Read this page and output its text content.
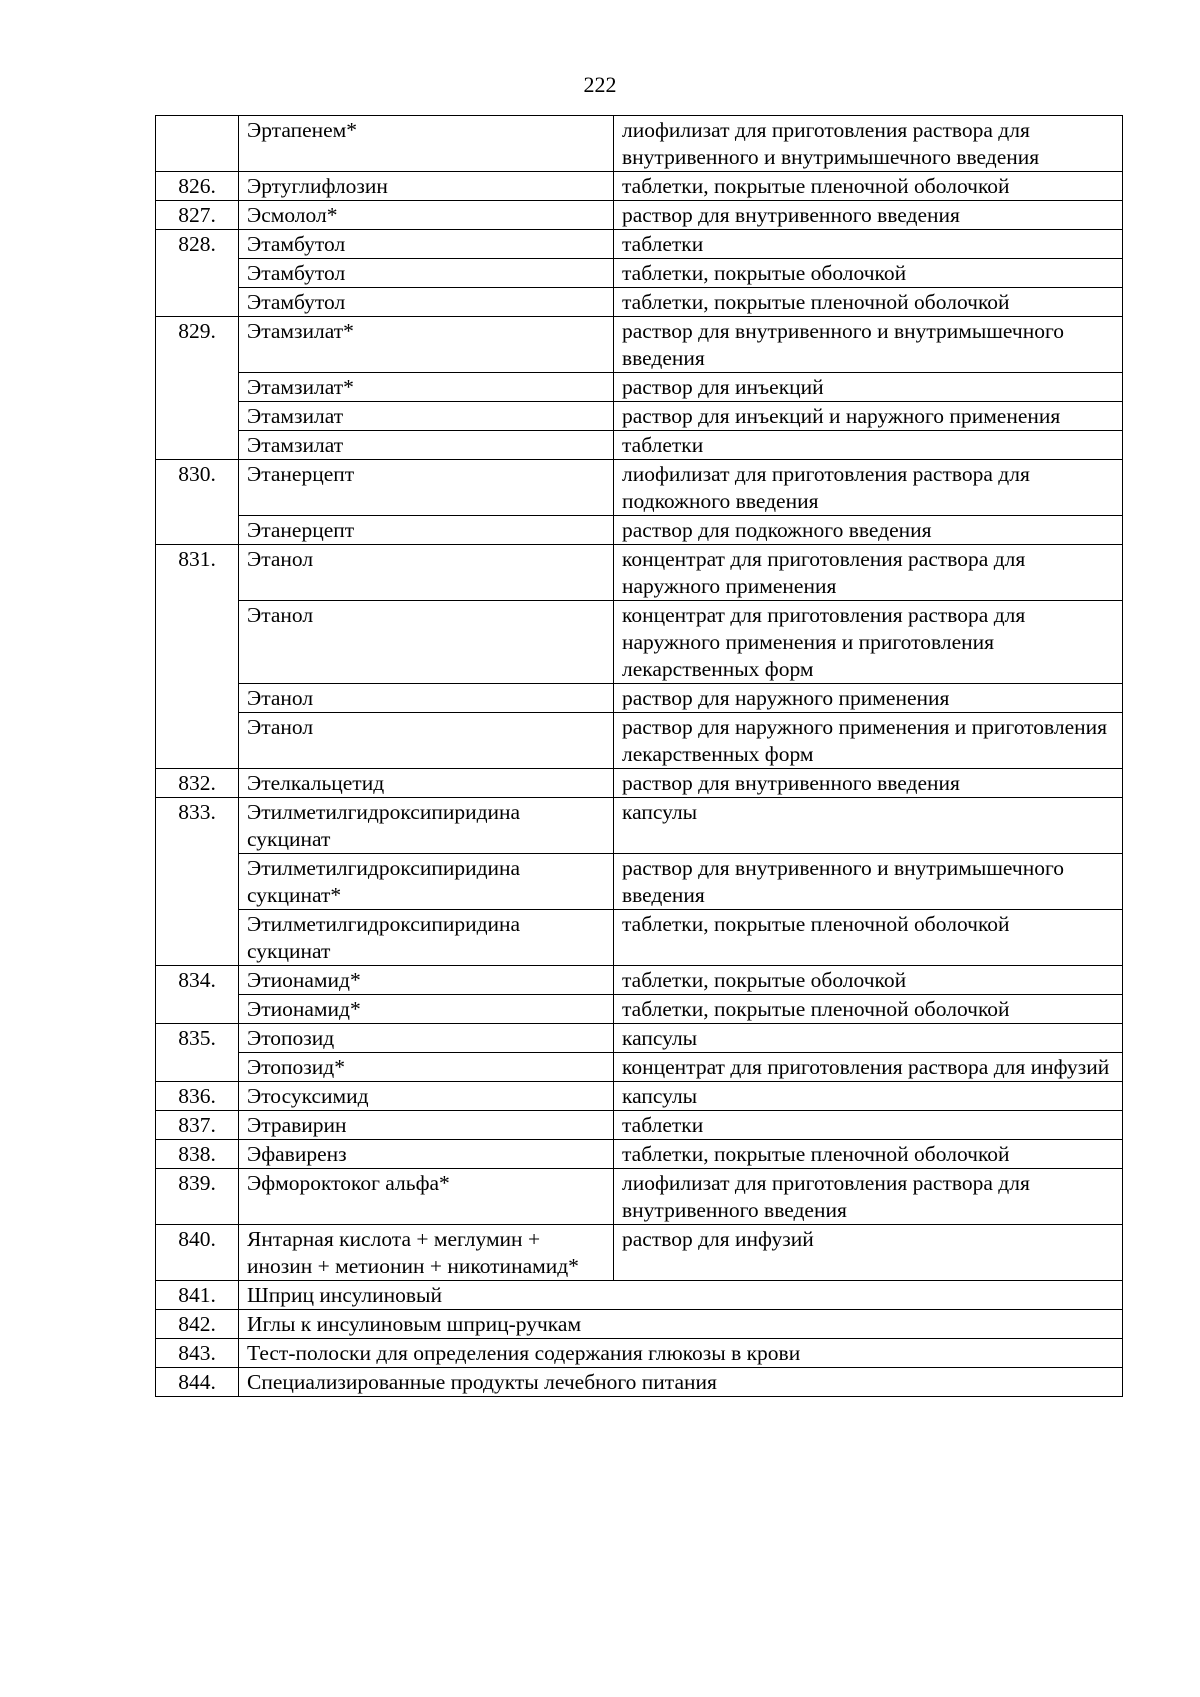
222
	Эртапенем*	лиофилизат для приготовления раствора для внутривенного и внутримышечного введения
826.	Эртуглифлозин	таблетки, покрытые пленочной оболочкой
827.	Эсмолол*	раствор для внутривенного введения
828.	Этамбутол	таблетки
	Этамбутол	таблетки, покрытые оболочкой
	Этамбутол	таблетки, покрытые пленочной оболочкой
829.	Этамзилат*	раствор для внутривенного и внутримышечного введения
	Этамзилат*	раствор для инъекций
	Этамзилат	раствор для инъекций и наружного применения
	Этамзилат	таблетки
830.	Этанерцепт	лиофилизат для приготовления раствора для подкожного введения
	Этанерцепт	раствор для подкожного введения
831.	Этанол	концентрат для приготовления раствора для наружного применения
	Этанол	концентрат для приготовления раствора для наружного применения и приготовления лекарственных форм
	Этанол	раствор для наружного применения
	Этанол	раствор для наружного применения и приготовления лекарственных форм
832.	Этелкальцетид	раствор для внутривенного введения
833.	Этилметилгидроксипиридина сукцинат	капсулы
	Этилметилгидроксипиридина сукцинат*	раствор для внутривенного и внутримышечного введения
	Этилметилгидроксипиридина сукцинат	таблетки, покрытые пленочной оболочкой
834.	Этионамид*	таблетки, покрытые оболочкой
	Этионамид*	таблетки, покрытые пленочной оболочкой
835.	Этопозид	капсулы
	Этопозид*	концентрат для приготовления раствора для инфузий
836.	Этосуксимид	капсулы
837.	Этравирин	таблетки
838.	Эфавиренз	таблетки, покрытые пленочной оболочкой
839.	Эфмороктоког альфа*	лиофилизат для приготовления раствора для внутривенного введения
840.	Янтарная кислота + меглумин + инозин + метионин + никотинамид*	раствор для инфузий
841.	Шприц инсулиновый	
842.	Иглы к инсулиновым шприц-ручкам	
843.	Тест-полоски для определения содержания глюкозы в крови	
844.	Специализированные продукты лечебного питания	
